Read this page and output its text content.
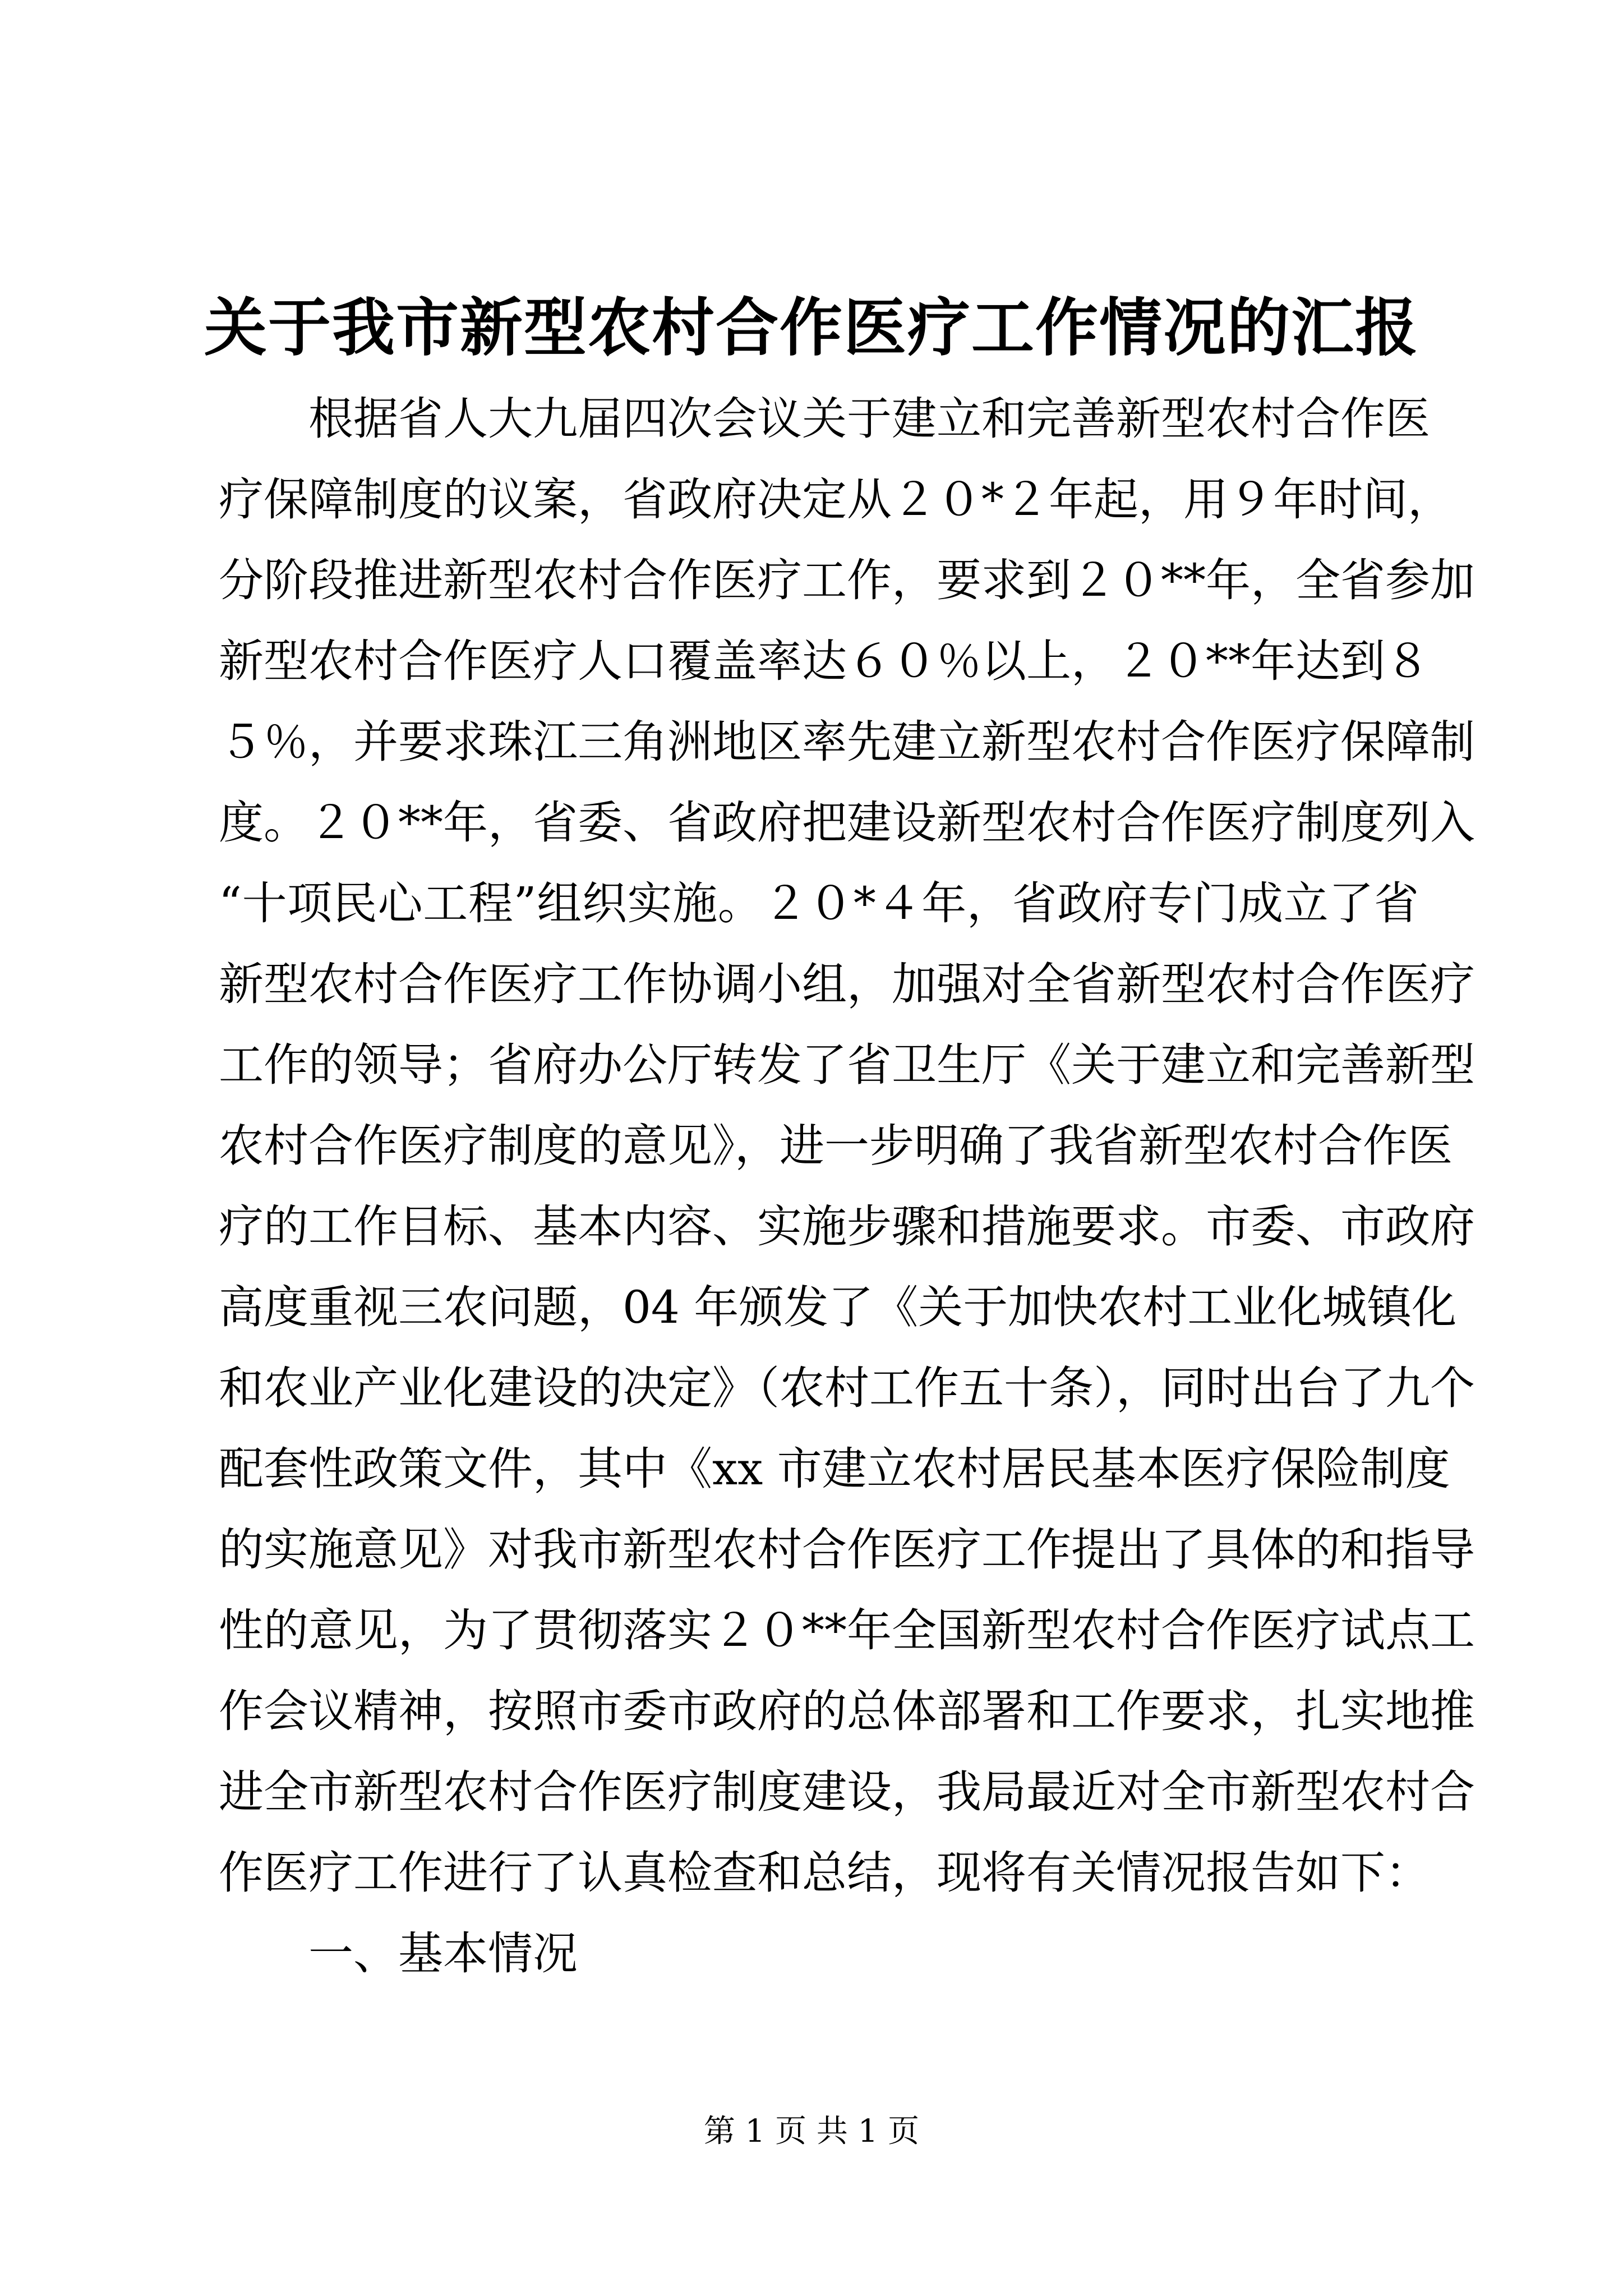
关于我市新型农村合作医疗工作情况的汇报
根据省人大九届四次会议关于建立和完善新型农村合作医
疗保障制度的议案，省政府决定从２０*２年起，用９年时间，
分阶段推进新型农村合作医疗工作，要求到２０**年，全省参加
新型农村合作医疗人口覆盖率达６０％以上，２０**年达到８
５％，并要求珠江三角洲地区率先建立新型农村合作医疗保障制
度。２０**年，省委、省政府把建设新型农村合作医疗制度列入
“十项民心工程”组织实施。２０*４年，省政府专门成立了省
新型农村合作医疗工作协调小组，加强对全省新型农村合作医疗
工作的领导；省府办公厅转发了省卫生厅《关于建立和完善新型
农村合作医疗制度的意见》，进一步明确了我省新型农村合作医
疗的工作目标、基本内容、实施步骤和措施要求。市委、市政府
高度重视三农问题，04 年颁发了《关于加快农村工业化城镇化
和农业产业化建设的决定》（农村工作五十条），同时出台了九个
配套性政策文件，其中《xx 市建立农村居民基本医疗保险制度
的实施意见》对我市新型农村合作医疗工作提出了具体的和指导
性的意见，为了贯彻落实２０**年全国新型农村合作医疗试点工
作会议精神，按照市委市政府的总体部署和工作要求，扎实地推
进全市新型农村合作医疗制度建设，我局最近对全市新型农村合
作医疗工作进行了认真检查和总结，现将有关情况报告如下：
一、基本情况
第 1 页 共 1 页
